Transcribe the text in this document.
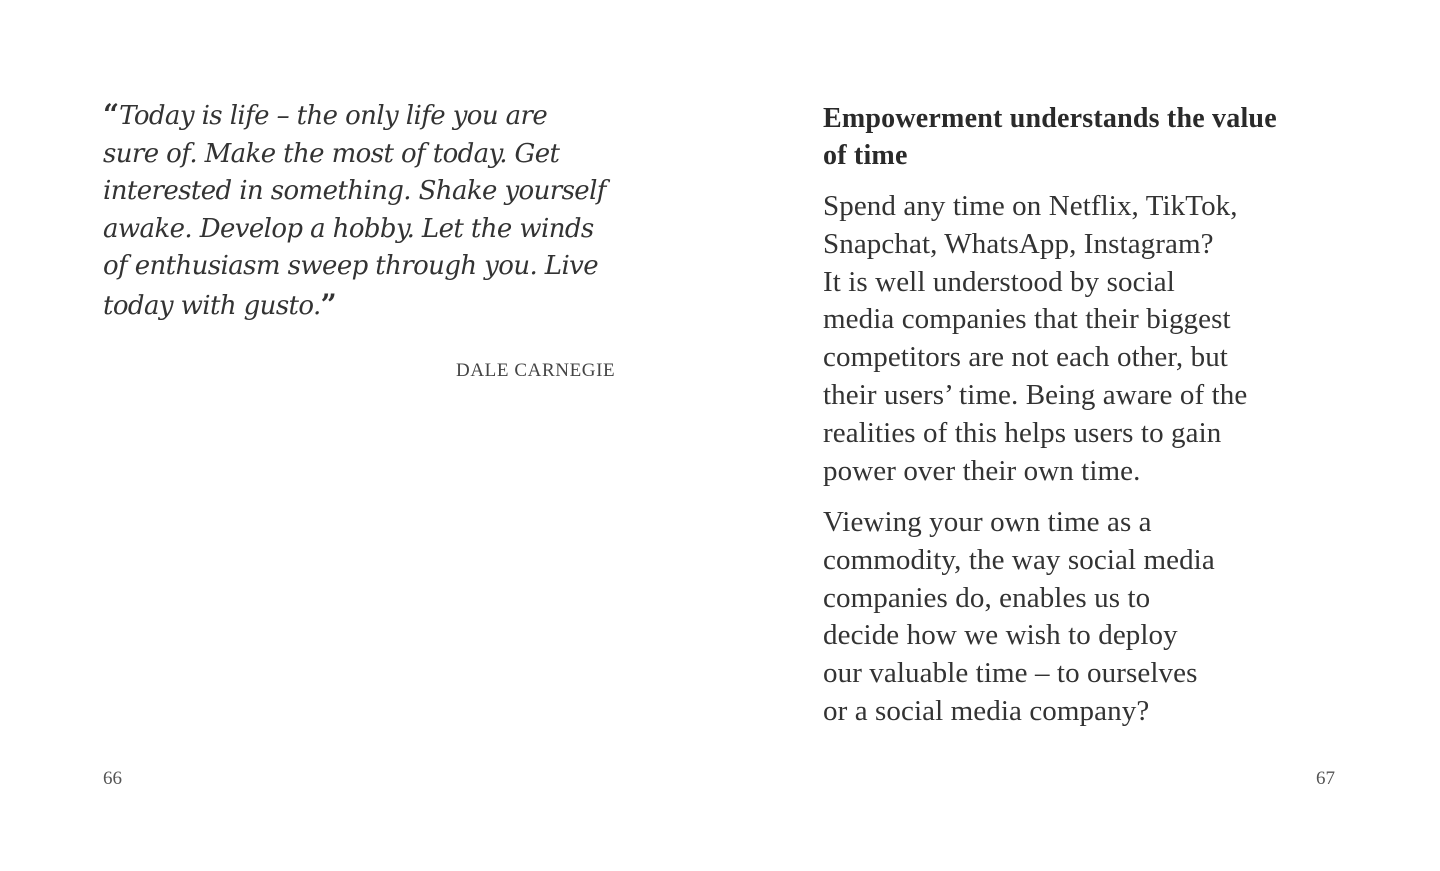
“Today is life – the only life you are
sure of. Make the most of today. Get
interested in something. Shake yourself
awake. Develop a hobby. Let the winds
of enthusiasm sweep through you. Live
today with gusto.”
DALE CARNEGIE
66
Empowerment understands the value
of time
Spend any time on Netflix, TikTok,
Snapchat, WhatsApp, Instagram?
It is well understood by social
media companies that their biggest
competitors are not each other, but
their users’ time. Being aware of the
realities of this helps users to gain
power over their own time.
Viewing your own time as a
commodity, the way social media
companies do, enables us to
decide how we wish to deploy
our valuable time – to ourselves
or a social media company?
67
